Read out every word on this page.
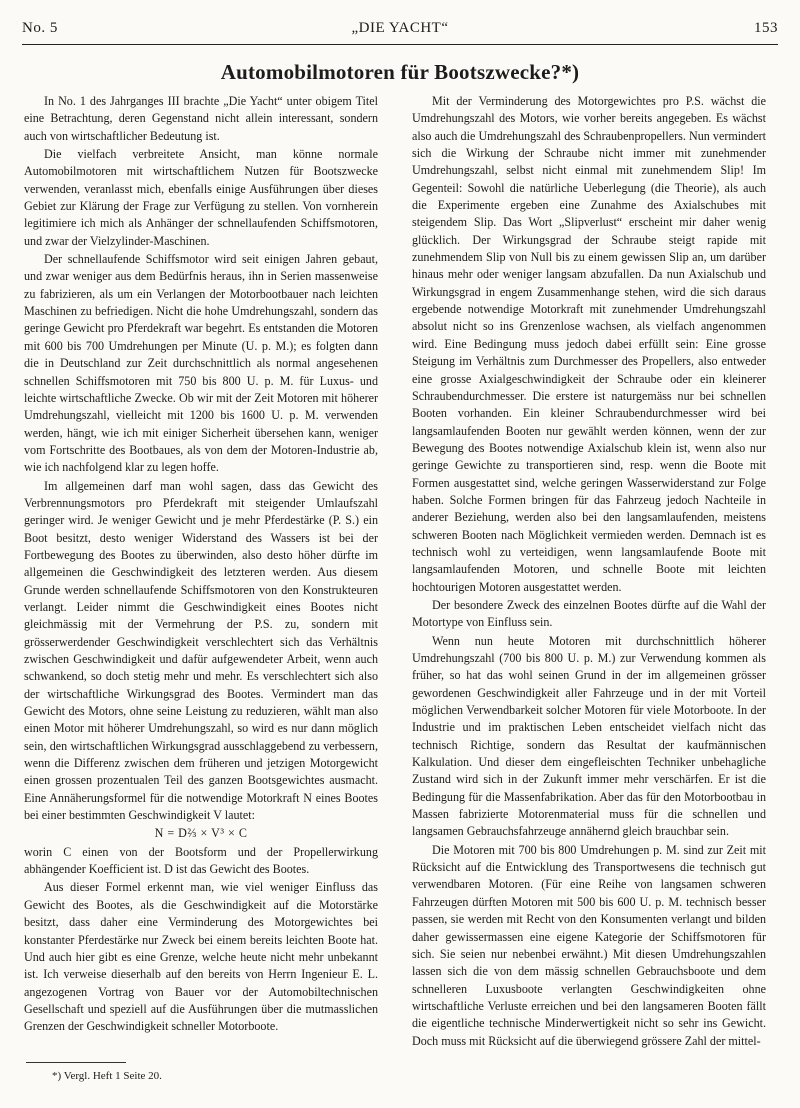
No. 5	„DIE YACHT“	153
Automobilmotoren für Bootszwecke?*)

In No. 1 des Jahrganges III brachte „Die Yacht“ unter obigem Titel eine Betrachtung, deren Gegenstand nicht allein interessant, sondern auch von wirtschaftlicher Bedeutung ist.

Die vielfach verbreitete Ansicht, man könne normale Automobilmotoren mit wirtschaftlichem Nutzen für Bootszwecke verwenden, veranlasst mich, ebenfalls einige Ausführungen über dieses Gebiet zur Klärung der Frage zur Verfügung zu stellen. Von vornherein legitimiere ich mich als Anhänger der schnellaufenden Schiffsmotoren, und zwar der Vielzylinder-Maschinen.

Der schnellaufende Schiffsmotor wird seit einigen Jahren gebaut, und zwar weniger aus dem Bedürfnis heraus, ihn in Serien massenweise zu fabrizieren, als um ein Verlangen der Motorbootbauer nach leichten Maschinen zu befriedigen. Nicht die hohe Umdrehungszahl, sondern das geringe Gewicht pro Pferdekraft war begehrt. Es entstanden die Motoren mit 600 bis 700 Umdrehungen per Minute (U. p. M.); es folgten dann die in Deutschland zur Zeit durchschnittlich als normal angesehenen schnellen Schiffsmotoren mit 750 bis 800 U. p. M. für Luxus- und leichte wirtschaftliche Zwecke. Ob wir mit der Zeit Motoren mit höherer Umdrehungszahl, vielleicht mit 1200 bis 1600 U. p. M. verwenden werden, hängt, wie ich mit einiger Sicherheit übersehen kann, weniger vom Fortschritte des Bootbaues, als von dem der Motoren-Industrie ab, wie ich nachfolgend klar zu legen hoffe.

Im allgemeinen darf man wohl sagen, dass das Gewicht des Verbrennungsmotors pro Pferdekraft mit steigender Umlaufszahl geringer wird. Je weniger Gewicht und je mehr Pferdestärke (P. S.) ein Boot besitzt, desto weniger Widerstand des Wassers ist bei der Fortbewegung des Bootes zu überwinden, also desto höher dürfte im allgemeinen die Geschwindigkeit des letzteren werden. Aus diesem Grunde werden schnellaufende Schiffsmotoren von den Konstrukteuren verlangt. Leider nimmt die Geschwindigkeit eines Bootes nicht gleichmässig mit der Vermehrung der P.S. zu, sondern mit grösserwerdender Geschwindigkeit verschlechtert sich das Verhältnis zwischen Geschwindigkeit und dafür aufgewendeter Arbeit, wenn auch schwankend, so doch stetig mehr und mehr. Es verschlechtert sich also der wirtschaftliche Wirkungsgrad des Bootes. Vermindert man das Gewicht des Motors, ohne seine Leistung zu reduzieren, wählt man also einen Motor mit höherer Umdrehungszahl, so wird es nur dann möglich sein, den wirtschaftlichen Wirkungsgrad ausschlaggebend zu verbessern, wenn die Differenz zwischen dem früheren und jetzigen Motorgewicht einen grossen prozentualen Teil des ganzen Bootsgewichtes ausmacht. Eine Annäherungsformel für die notwendige Motorkraft N eines Bootes bei einer bestimmten Geschwindigkeit V lautet:

N = D⅔ × V³ × C

worin C einen von der Bootsform und der Propellerwirkung abhängender Koefficient ist. D ist das Gewicht des Bootes.

Aus dieser Formel erkennt man, wie viel weniger Einfluss das Gewicht des Bootes, als die Geschwindigkeit auf die Motorstärke besitzt, dass daher eine Verminderung des Motorgewichtes bei konstanter Pferdestärke nur Zweck bei einem bereits leichten Boote hat. Und auch hier gibt es eine Grenze, welche heute nicht mehr unbekannt ist. Ich verweise dieserhalb auf den bereits von Herrn Ingenieur E. L. angezogenen Vortrag von Bauer vor der Automobiltechnischen Gesellschaft und speziell auf die Ausführungen über die mutmasslichen Grenzen der Geschwindigkeit schneller Motorboote.

Mit der Verminderung des Motorgewichtes pro P.S. wächst die Umdrehungszahl des Motors, wie vorher bereits angegeben. Es wächst also auch die Umdrehungszahl des Schraubenpropellers. Nun vermindert sich die Wirkung der Schraube nicht immer mit zunehmender Umdrehungszahl, selbst nicht einmal mit zunehmendem Slip! Im Gegenteil: Sowohl die natürliche Ueberlegung (die Theorie), als auch die Experimente ergeben eine Zunahme des Axialschubes mit steigendem Slip. Das Wort „Slipverlust“ erscheint mir daher wenig glücklich. Der Wirkungsgrad der Schraube steigt rapide mit zunehmendem Slip von Null bis zu einem gewissen Slip an, um darüber hinaus mehr oder weniger langsam abzufallen. Da nun Axialschub und Wirkungsgrad in engem Zusammenhange stehen, wird die sich daraus ergebende notwendige Motorkraft mit zunehmender Umdrehungszahl absolut nicht so ins Grenzenlose wachsen, als vielfach angenommen wird. Eine Bedingung muss jedoch dabei erfüllt sein: Eine grosse Steigung im Verhältnis zum Durchmesser des Propellers, also entweder eine grosse Axialgeschwindigkeit der Schraube oder ein kleinerer Schraubendurchmesser. Die erstere ist naturgemäss nur bei schnellen Booten vorhanden. Ein kleiner Schraubendurchmesser wird bei langsamlaufenden Booten nur gewählt werden können, wenn der zur Bewegung des Bootes notwendige Axialschub klein ist, wenn also nur geringe Gewichte zu transportieren sind, resp. wenn die Boote mit Formen ausgestattet sind, welche geringen Wasserwiderstand zur Folge haben. Solche Formen bringen für das Fahrzeug jedoch Nachteile in anderer Beziehung, werden also bei den langsamlaufenden, meistens schweren Booten nach Möglichkeit vermieden werden. Demnach ist es technisch wohl zu verteidigen, wenn langsamlaufende Boote mit langsamlaufenden Motoren, und schnelle Boote mit leichten hochtourigen Motoren ausgestattet werden.

Der besondere Zweck des einzelnen Bootes dürfte auf die Wahl der Motortype von Einfluss sein.

Wenn nun heute Motoren mit durchschnittlich höherer Umdrehungszahl (700 bis 800 U. p. M.) zur Verwendung kommen als früher, so hat das wohl seinen Grund in der im allgemeinen grösser gewordenen Geschwindigkeit aller Fahrzeuge und in der mit Vorteil möglichen Verwendbarkeit solcher Motoren für viele Motorboote. In der Industrie und im praktischen Leben entscheidet vielfach nicht das technisch Richtige, sondern das Resultat der kaufmännischen Kalkulation. Und dieser dem eingefleischten Techniker unbehagliche Zustand wird sich in der Zukunft immer mehr verschärfen. Er ist die Bedingung für die Massenfabrikation. Aber das für den Motorbootbau in Massen fabrizierte Motorenmaterial muss für die schnellen und langsamen Gebrauchsfahrzeuge annähernd gleich brauchbar sein.

Die Motoren mit 700 bis 800 Umdrehungen p. M. sind zur Zeit mit Rücksicht auf die Entwicklung des Transportwesens die technisch gut verwendbaren Motoren. (Für eine Reihe von langsamen schweren Fahrzeugen dürften Motoren mit 500 bis 600 U. p. M. technisch besser passen, sie werden mit Recht von den Konsumenten verlangt und bilden daher gewissermassen eine eigene Kategorie der Schiffsmotoren für sich. Sie seien nur nebenbei erwähnt.) Mit diesen Umdrehungszahlen lassen sich die von dem mässig schnellen Gebrauchsboote und dem schnelleren Luxusboote verlangten Geschwindigkeiten ohne wirtschaftliche Verluste erreichen und bei den langsameren Booten fällt die eigentliche technische Minderwertigkeit nicht so sehr ins Gewicht. Doch muss mit Rücksicht auf die überwiegend grössere Zahl der mittel-

*) Vergl. Heft 1 Seite 20.
